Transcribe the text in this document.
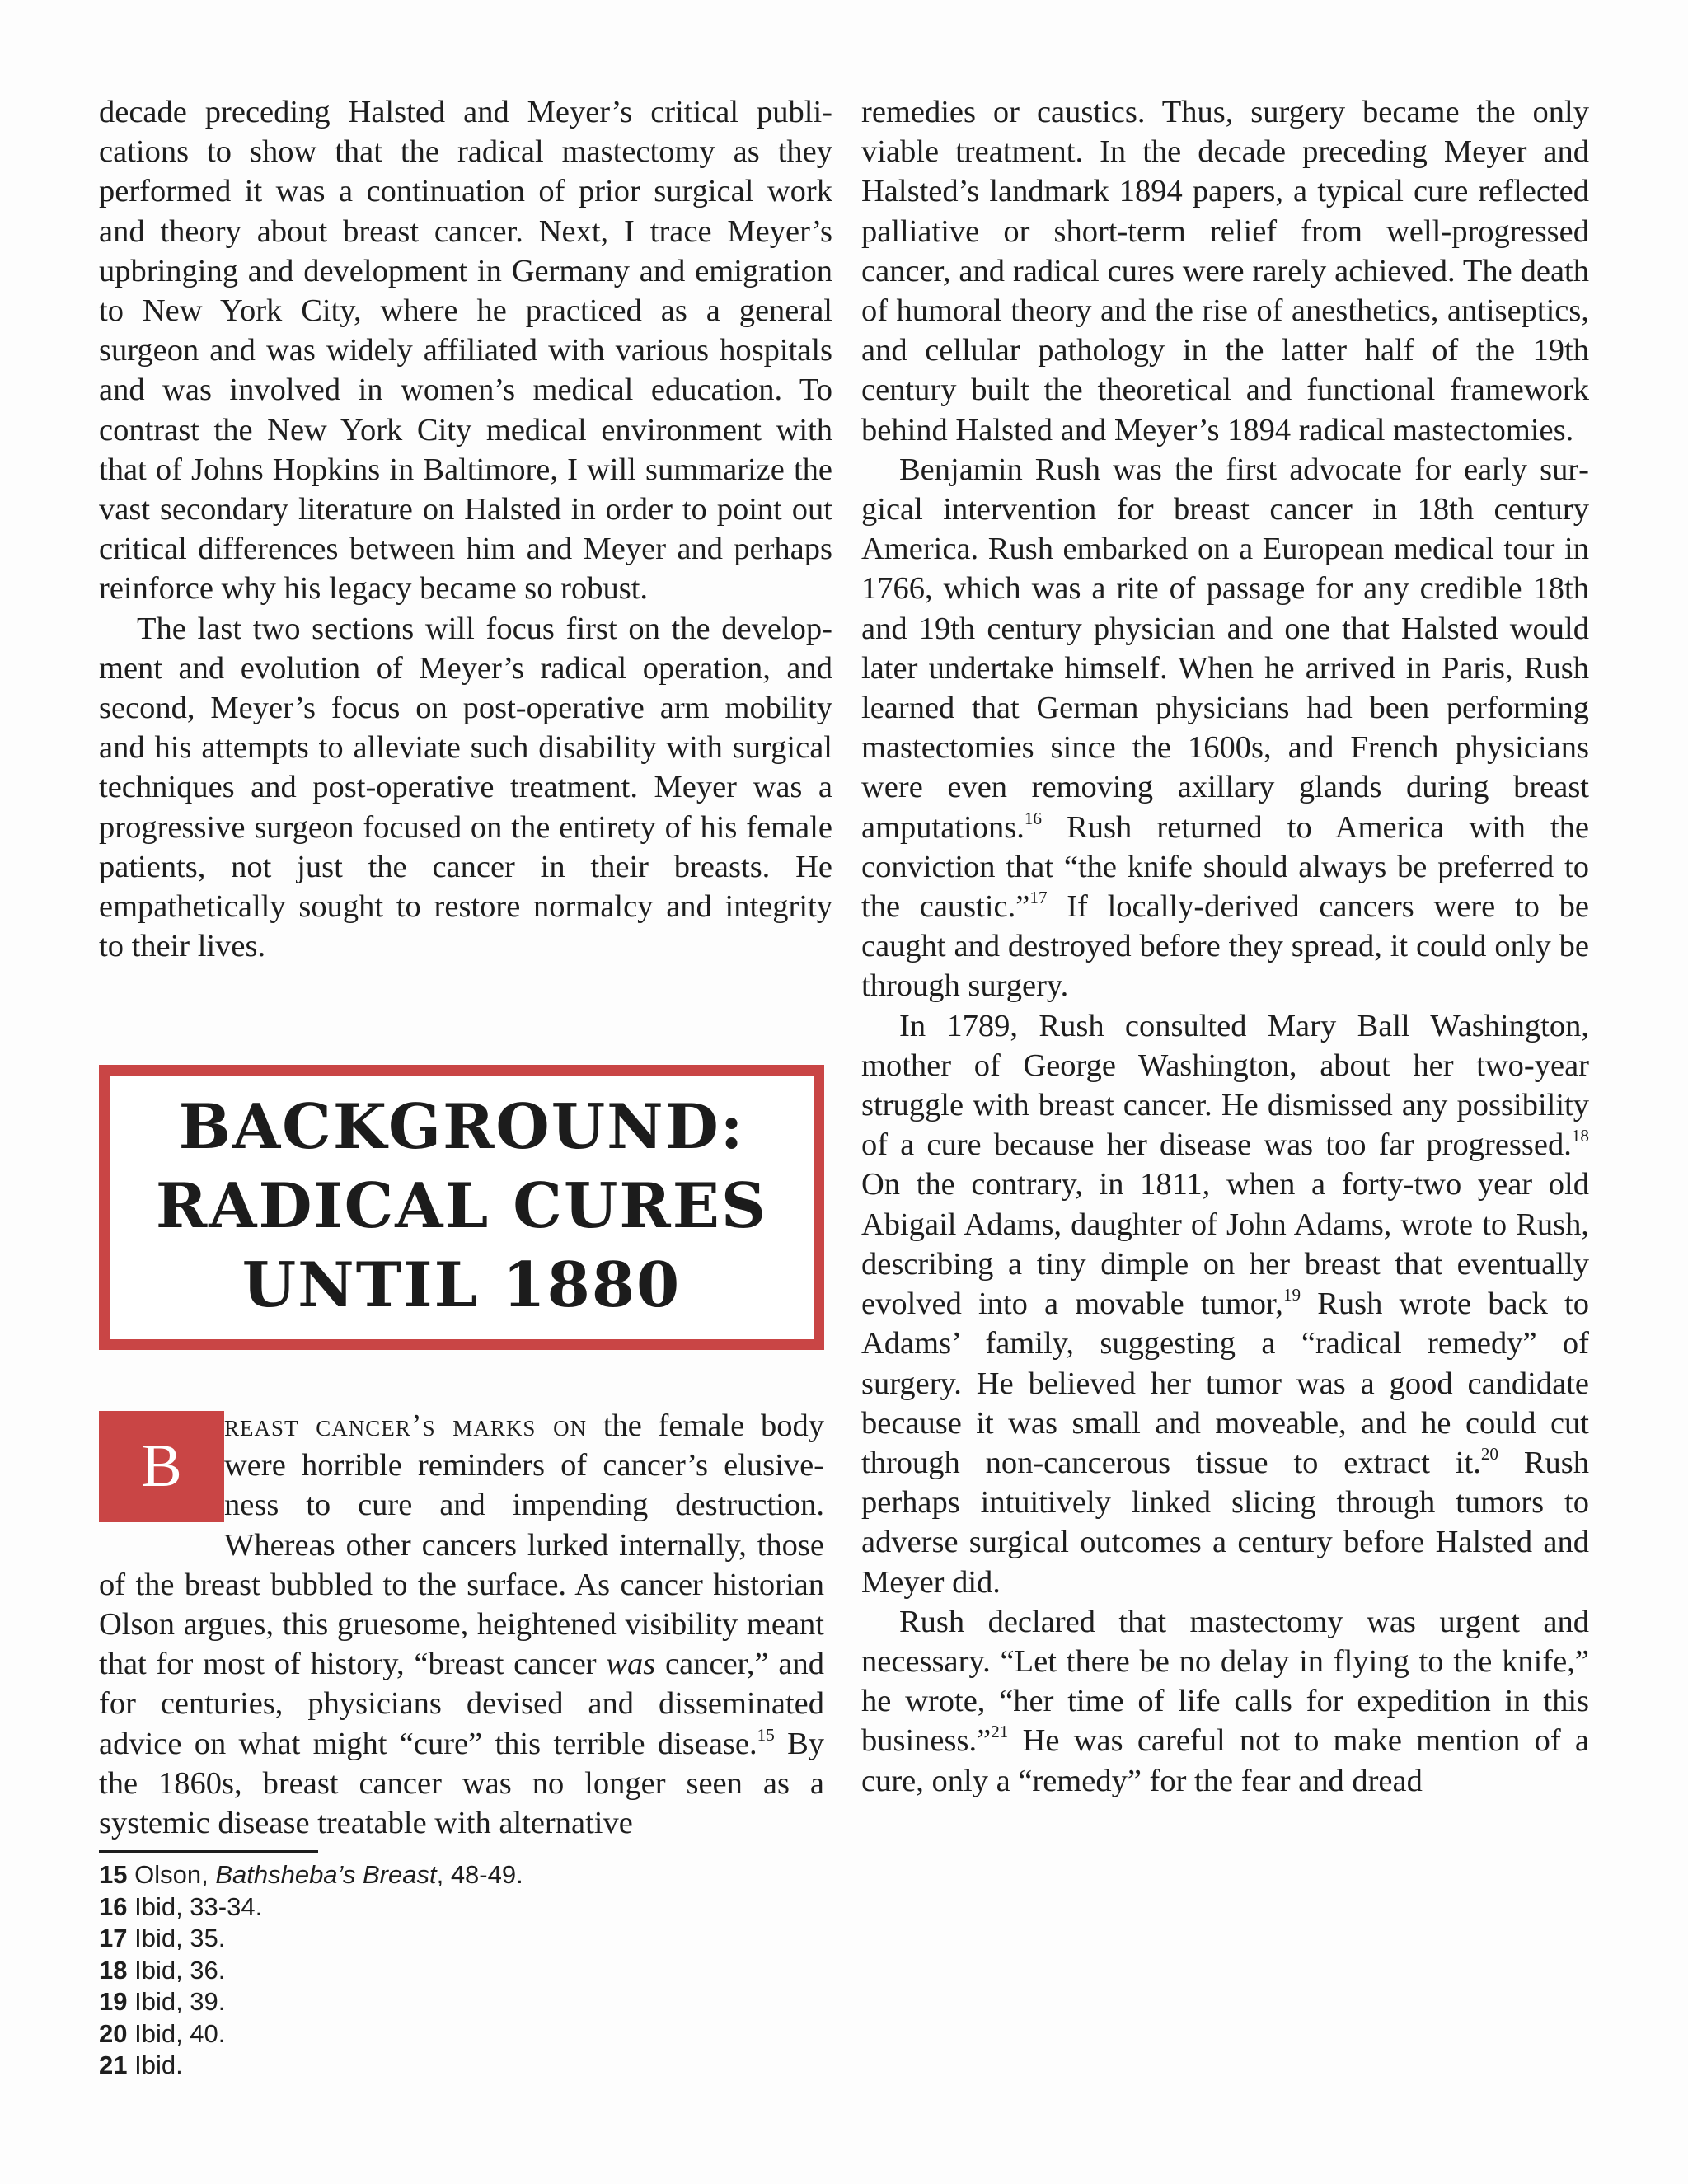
decade preceding Halsted and Meyer’s critical publications to show that the radical mastectomy as they performed it was a continuation of prior surgical work and theory about breast cancer. Next, I trace Meyer’s upbringing and development in Germany and emigration to New York City, where he practiced as a general surgeon and was widely affiliated with various hospitals and was involved in women’s medical education. To contrast the New York City medical environment with that of Johns Hopkins in Baltimore, I will summarize the vast secondary literature on Halsted in order to point out critical differences between him and Meyer and perhaps reinforce why his legacy became so robust.

The last two sections will focus first on the development and evolution of Meyer’s radical operation, and second, Meyer’s focus on post-operative arm mobility and his attempts to alleviate such disability with surgical techniques and post-operative treatment. Meyer was a progressive surgeon focused on the entirety of his female patients, not just the cancer in their breasts. He empathetically sought to restore normalcy and integrity to their lives.

BACKGROUND:
RADICAL CURES
UNTIL 1880
B
reast cancer’s marks on the female body were horrible reminders of cancer’s elusiveness to cure and impending destruction. Whereas other cancers lurked internally, those of the breast bubbled to the surface. As cancer historian Olson argues, this gruesome, heightened visibility meant that for most of history, “breast cancer was cancer,” and for centuries, physicians devised and disseminated advice on what might “cure” this terrible disease.$^{15}$ By the 1860s, breast cancer was no longer seen as a systemic disease treatable with alternative

remedies or caustics. Thus, surgery became the only viable treatment. In the decade preceding Meyer and Halsted’s landmark 1894 papers, a typical cure reflected palliative or short-term relief from well-progressed cancer, and radical cures were rarely achieved. The death of humoral theory and the rise of anesthetics, antiseptics, and cellular pathology in the latter half of the 19th century built the theoretical and functional framework behind Halsted and Meyer’s 1894 radical mastectomies.

Benjamin Rush was the first advocate for early surgical intervention for breast cancer in 18th century America. Rush embarked on a European medical tour in 1766, which was a rite of passage for any credible 18th and 19th century physician and one that Halsted would later undertake himself. When he arrived in Paris, Rush learned that German physicians had been performing mastectomies since the 1600s, and French physicians were even removing axillary glands during breast amputations.$^{16}$ Rush returned to America with the conviction that “the knife should always be preferred to the caustic.”$^{17}$ If locally-derived cancers were to be caught and destroyed before they spread, it could only be through surgery.

In 1789, Rush consulted Mary Ball Washington, mother of George Washington, about her two-year struggle with breast cancer. He dismissed any possibility of a cure because her disease was too far progressed.$^{18}$ On the contrary, in 1811, when a forty-two year old Abigail Adams, daughter of John Adams, wrote to Rush, describing a tiny dimple on her breast that eventually evolved into a movable tumor,$^{19}$ Rush wrote back to Adams’ family, suggesting a “radical remedy” of surgery. He believed her tumor was a good candidate because it was small and moveable, and he could cut through non-cancerous tissue to extract it.$^{20}$ Rush perhaps intuitively linked slicing through tumors to adverse surgical outcomes a century before Halsted and Meyer did.

Rush declared that mastectomy was urgent and necessary. “Let there be no delay in flying to the knife,” he wrote, “her time of life calls for expedition in this business.”$^{21}$ He was careful not to make mention of a cure, only a “remedy” for the fear and dread

15 Olson, Bathsheba’s Breast, 48-49.
16 Ibid, 33-34.
17 Ibid, 35.
18 Ibid, 36.
19 Ibid, 39.
20 Ibid, 40.
21 Ibid.
